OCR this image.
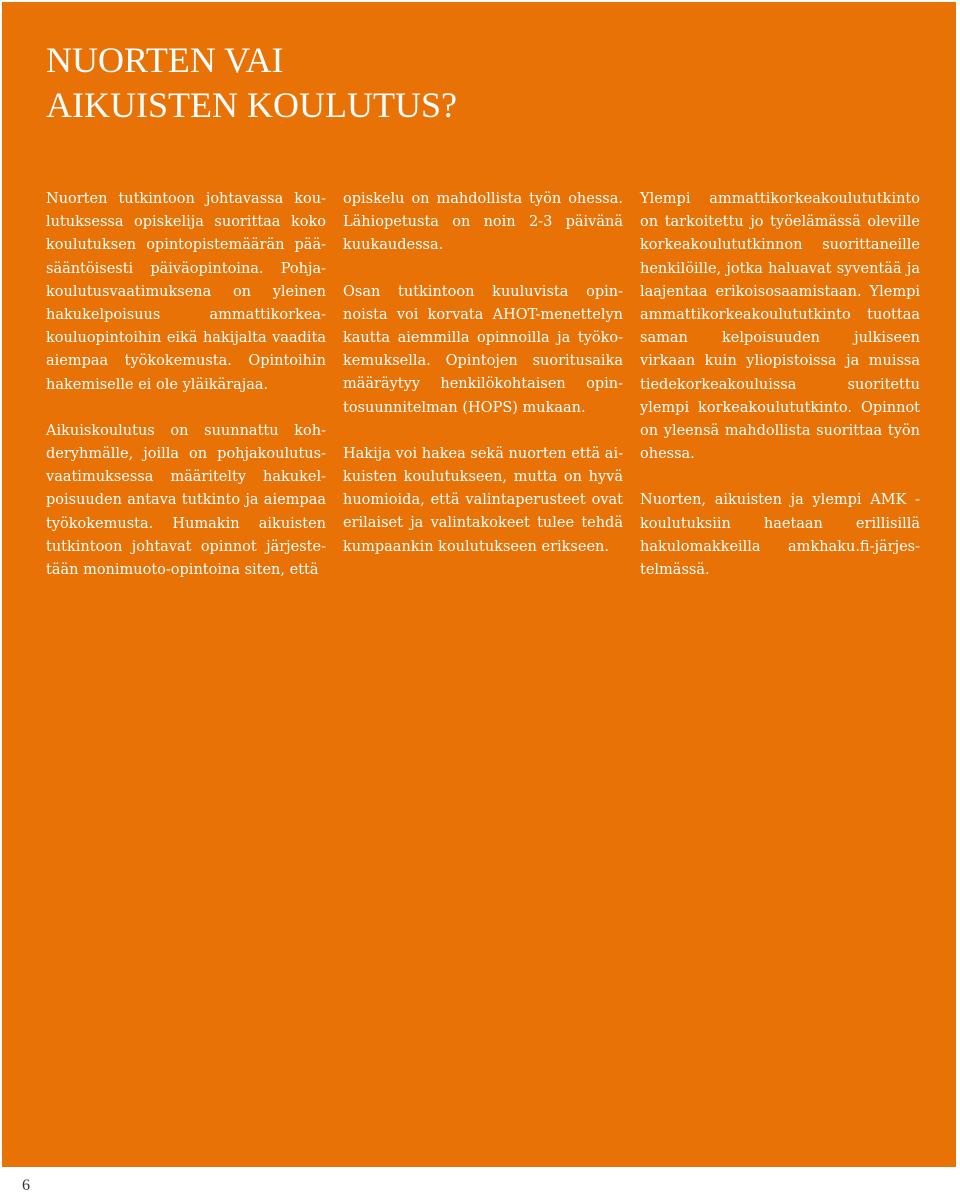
NUORTEN VAI
AIKUISTEN KOULUTUS?

Nuorten tutkintoon johtavassa koulutuksessa opiskelija suorittaa koko koulutuksen opintopistemäärän pääsääntöisesti päiväopintoina. Pohjakoulutusvaatimuksena on yleinen hakukelpoisuus ammattikorkeakouluopintoihin eikä hakijalta vaadita aiempaa työkokemusta. Opintoihin hakemiselle ei ole yläikärajaa.

Aikuiskoulutus on suunnattu kohderyhmälle, joilla on pohjakoulutusvaatimuksessa määritelty hakukelpoisuuden antava tutkinto ja aiempaa työkokemusta. Humakin aikuisten tutkintoon johtavat opinnot järjestetään monimuoto-opintoina siten, että

opiskelu on mahdollista työn ohessa. Lähiopetusta on noin 2-3 päivänä kuukaudessa.

Osan tutkintoon kuuluvista opinnoista voi korvata AHOT-menettelyn kautta aiemmilla opinnoilla ja työkokemuksella. Opintojen suoritusaika määräytyy henkilökohtaisen opintosuunnitelman (HOPS) mukaan.

Hakija voi hakea sekä nuorten että aikuisten koulutukseen, mutta on hyvä huomioida, että valintaperusteet ovat erilaiset ja valintakokeet tulee tehdä kumpaankin koulutukseen erikseen.

Ylempi ammattikorkeakoulututkinto on tarkoitettu jo työelämässä oleville korkeakoulututkinnon suorittaneille henkilöille, jotka haluavat syventää ja laajentaa erikoisosaamistaan. Ylempi ammattikorkeakoulututkinto tuottaa saman kelpoisuuden julkiseen virkaan kuin yliopistoissa ja muissa tiedekorkeakouluissa suoritettu ylempi korkeakoulututkinto. Opinnot on yleensä mahdollista suorittaa työn ohessa.

Nuorten, aikuisten ja ylempi AMK -koulutuksiin haetaan erillisillä hakulomakkeilla amkhaku.fi-järjestelmässä.

6
